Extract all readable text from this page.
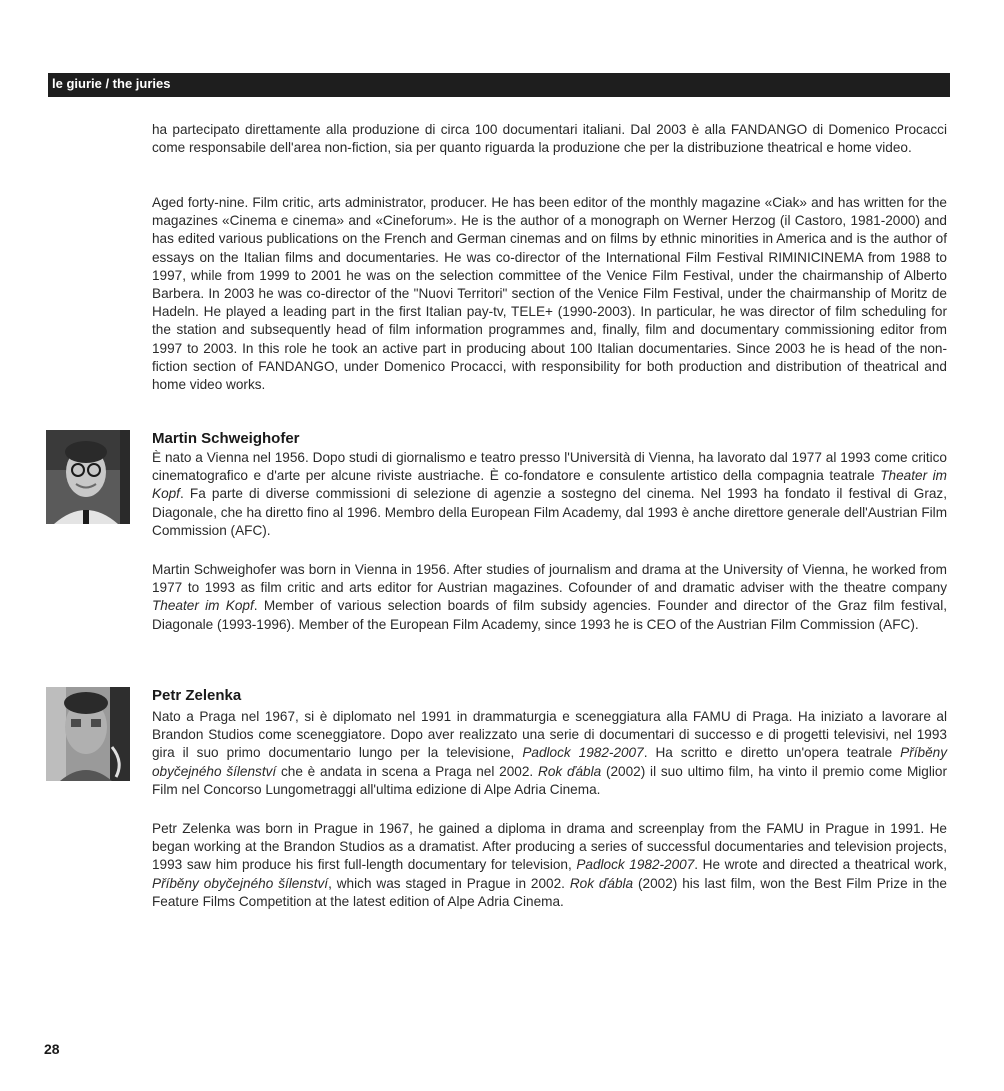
le giurie / the juries

ha partecipato direttamente alla produzione di circa 100 documentari italiani. Dal 2003 è alla FANDANGO di Domenico Procacci come responsabile dell'area non-fiction, sia per quanto riguarda la produzione che per la distribuzione theatrical e home video.

Aged forty-nine. Film critic, arts administrator, producer. He has been editor of the monthly magazine «Ciak» and has written for the magazines «Cinema e cinema» and «Cineforum». He is the author of a monograph on Werner Herzog (il Castoro, 1981-2000) and has edited various publications on the French and German cinemas and on films by ethnic minorities in America and is the author of essays on the Italian films and documentaries. He was co-director of the International Film Festival RIMINICINEMA from 1988 to 1997, while from 1999 to 2001 he was on the selection committee of the Venice Film Festival, under the chairmanship of Alberto Barbera. In 2003 he was co-director of the "Nuovi Territori" section of the Venice Film Festival, under the chairmanship of Moritz de Hadeln. He played a leading part in the first Italian pay-tv, TELE+ (1990-2003). In particular, he was director of film scheduling for the station and subsequently head of film information programmes and, finally, film and documentary commissioning editor from 1997 to 2003. In this role he took an active part in producing about 100 Italian documentaries. Since 2003 he is head of the non-fiction section of FANDANGO, under Domenico Procacci, with responsibility for both production and distribution of theatrical and home video works.

Martin Schweighofer

È nato a Vienna nel 1956. Dopo studi di giornalismo e teatro presso l'Università di Vienna, ha lavorato dal 1977 al 1993 come critico cinematografico e d'arte per alcune riviste austriache. È co-fondatore e consulente artistico della compagnia teatrale Theater im Kopf. Fa parte di diverse commissioni di selezione di agenzie a sostegno del cinema. Nel 1993 ha fondato il festival di Graz, Diagonale, che ha diretto fino al 1996. Membro della European Film Academy, dal 1993 è anche direttore generale dell'Austrian Film Commission (AFC).

Martin Schweighofer was born in Vienna in 1956. After studies of journalism and drama at the University of Vienna, he worked from 1977 to 1993 as film critic and arts editor for Austrian magazines. Cofounder of and dramatic adviser with the theatre company Theater im Kopf. Member of various selection boards of film subsidy agencies. Founder and director of the Graz film festival, Diagonale (1993-1996). Member of the European Film Academy, since 1993 he is CEO of the Austrian Film Commission (AFC).

Petr Zelenka

Nato a Praga nel 1967, si è diplomato nel 1991 in drammaturgia e sceneggiatura alla FAMU di Praga. Ha iniziato a lavorare al Brandon Studios come sceneggiatore. Dopo aver realizzato una serie di documentari di successo e di progetti televisivi, nel 1993 gira il suo primo documentario lungo per la televisione, Padlock 1982-2007. Ha scritto e diretto un'opera teatrale Příběny obyčejného šílenství che è andata in scena a Praga nel 2002. Rok ďábla (2002) il suo ultimo film, ha vinto il premio come Miglior Film nel Concorso Lungometraggi all'ultima edizione di Alpe Adria Cinema.

Petr Zelenka was born in Prague in 1967, he gained a diploma in drama and screenplay from the FAMU in Prague in 1991. He began working at the Brandon Studios as a dramatist. After producing a series of successful documentaries and television projects, 1993 saw him produce his first full-length documentary for television, Padlock 1982-2007. He wrote and directed a theatrical work, Příběny obyčejného šílenství, which was staged in Prague in 2002. Rok ďábla (2002) his last film, won the Best Film Prize in the Feature Films Competition at the latest edition of Alpe Adria Cinema.

28
